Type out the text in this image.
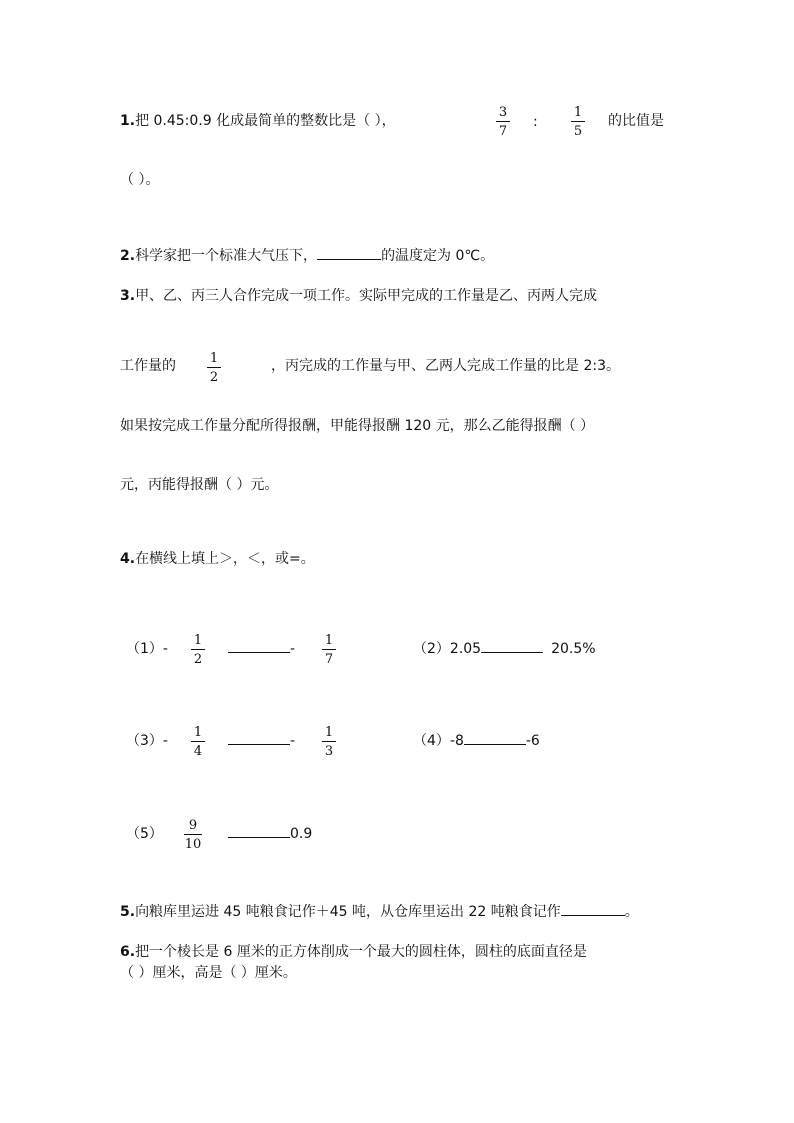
1.把 0.45:0.9 化成最简单的整数比是（ ），
3
7
:
1
5
的比值是
（ ）。
2.科学家把一个标准大气压下，	的温度定为 0℃。
3.甲、乙、丙三人合作完成一项工作。实际甲完成的工作量是乙、丙两人完成
工作量的	1
2
，丙完成的工作量与甲、乙两人完成工作量的比是 2:3。
如果按完成工作量分配所得报酬，甲能得报酬 120 元，那么乙能得报酬（ ）
元，丙能得报酬（ ）元。
4.在横线上填上＞，＜，或=。
（1）-
1
2
-
1
7
（2）2.05	20.5%
（3）-
1
4
-
1
3
（4）-8	-6
（5）
9
10
0.9
5.向粮库里运进 45 吨粮食记作＋45 吨，从仓库里运出 22 吨粮食记作	。
6.把一个棱长是 6 厘米的正方体削成一个最大的圆柱体，圆柱的底面直径是
（ ）厘米，高是（ ）厘米。
